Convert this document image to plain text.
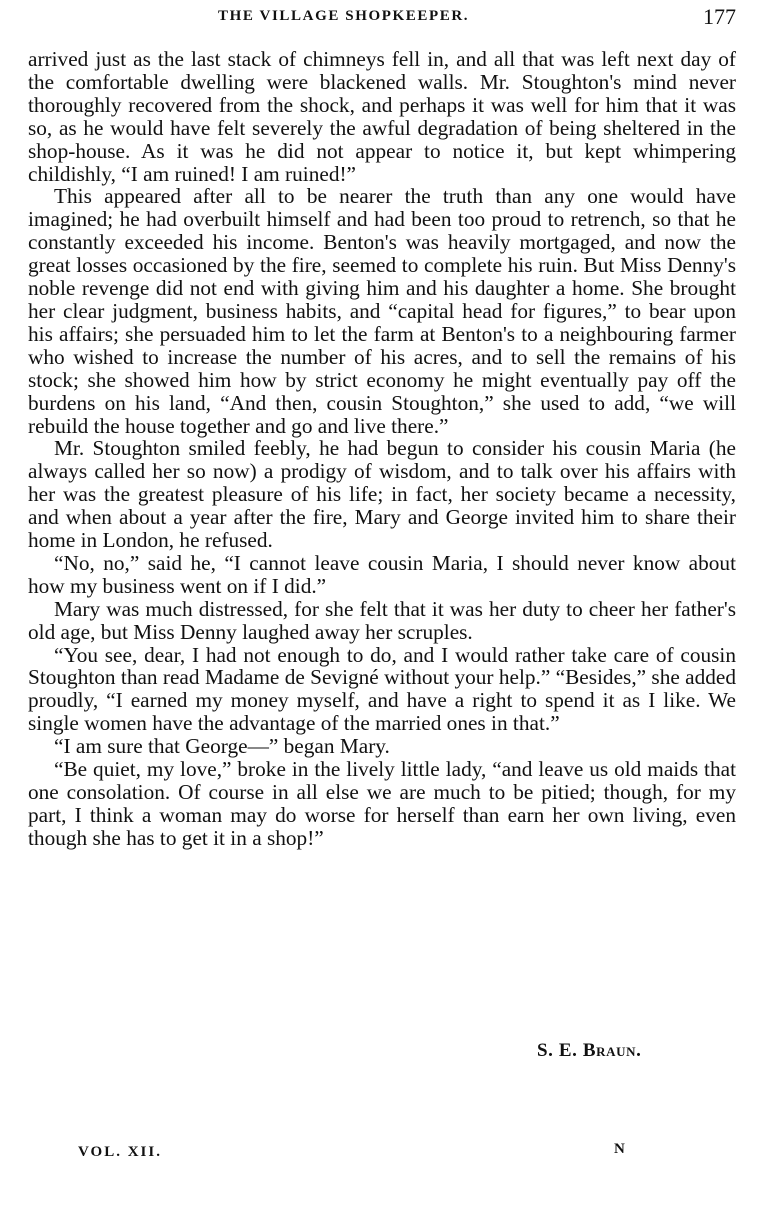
THE VILLAGE SHOPKEEPER.	177

arrived just as the last stack of chimneys fell in, and all that was left next day of the comfortable dwelling were blackened walls. Mr. Stoughton's mind never thoroughly recovered from the shock, and perhaps it was well for him that it was so, as he would have felt severely the awful degradation of being sheltered in the shop-house. As it was he did not appear to notice it, but kept whimpering childishly, “I am ruined! I am ruined!”

This appeared after all to be nearer the truth than any one would have imagined; he had overbuilt himself and had been too proud to retrench, so that he constantly exceeded his income. Benton's was heavily mortgaged, and now the great losses occasioned by the fire, seemed to complete his ruin. But Miss Denny's noble revenge did not end with giving him and his daughter a home. She brought her clear judgment, business habits, and “capital head for figures,” to bear upon his affairs; she persuaded him to let the farm at Benton's to a neighbouring farmer who wished to increase the number of his acres, and to sell the remains of his stock; she showed him how by strict economy he might eventually pay off the burdens on his land, “And then, cousin Stoughton,” she used to add, “we will rebuild the house together and go and live there.”

Mr. Stoughton smiled feebly, he had begun to consider his cousin Maria (he always called her so now) a prodigy of wisdom, and to talk over his affairs with her was the greatest pleasure of his life; in fact, her society became a necessity, and when about a year after the fire, Mary and George invited him to share their home in London, he refused.

“No, no,” said he, “I cannot leave cousin Maria, I should never know about how my business went on if I did.”

Mary was much distressed, for she felt that it was her duty to cheer her father's old age, but Miss Denny laughed away her scruples.

“You see, dear, I had not enough to do, and I would rather take care of cousin Stoughton than read Madame de Sevigné without your help.” “Besides,” she added proudly, “I earned my money myself, and have a right to spend it as I like. We single women have the advantage of the married ones in that.”

“I am sure that George—” began Mary.

“Be quiet, my love,” broke in the lively little lady, “and leave us old maids that one consolation. Of course in all else we are much to be pitied; though, for my part, I think a woman may do worse for herself than earn her own living, even though she has to get it in a shop!”

S. E. Braun.
VOL. XII.	N
